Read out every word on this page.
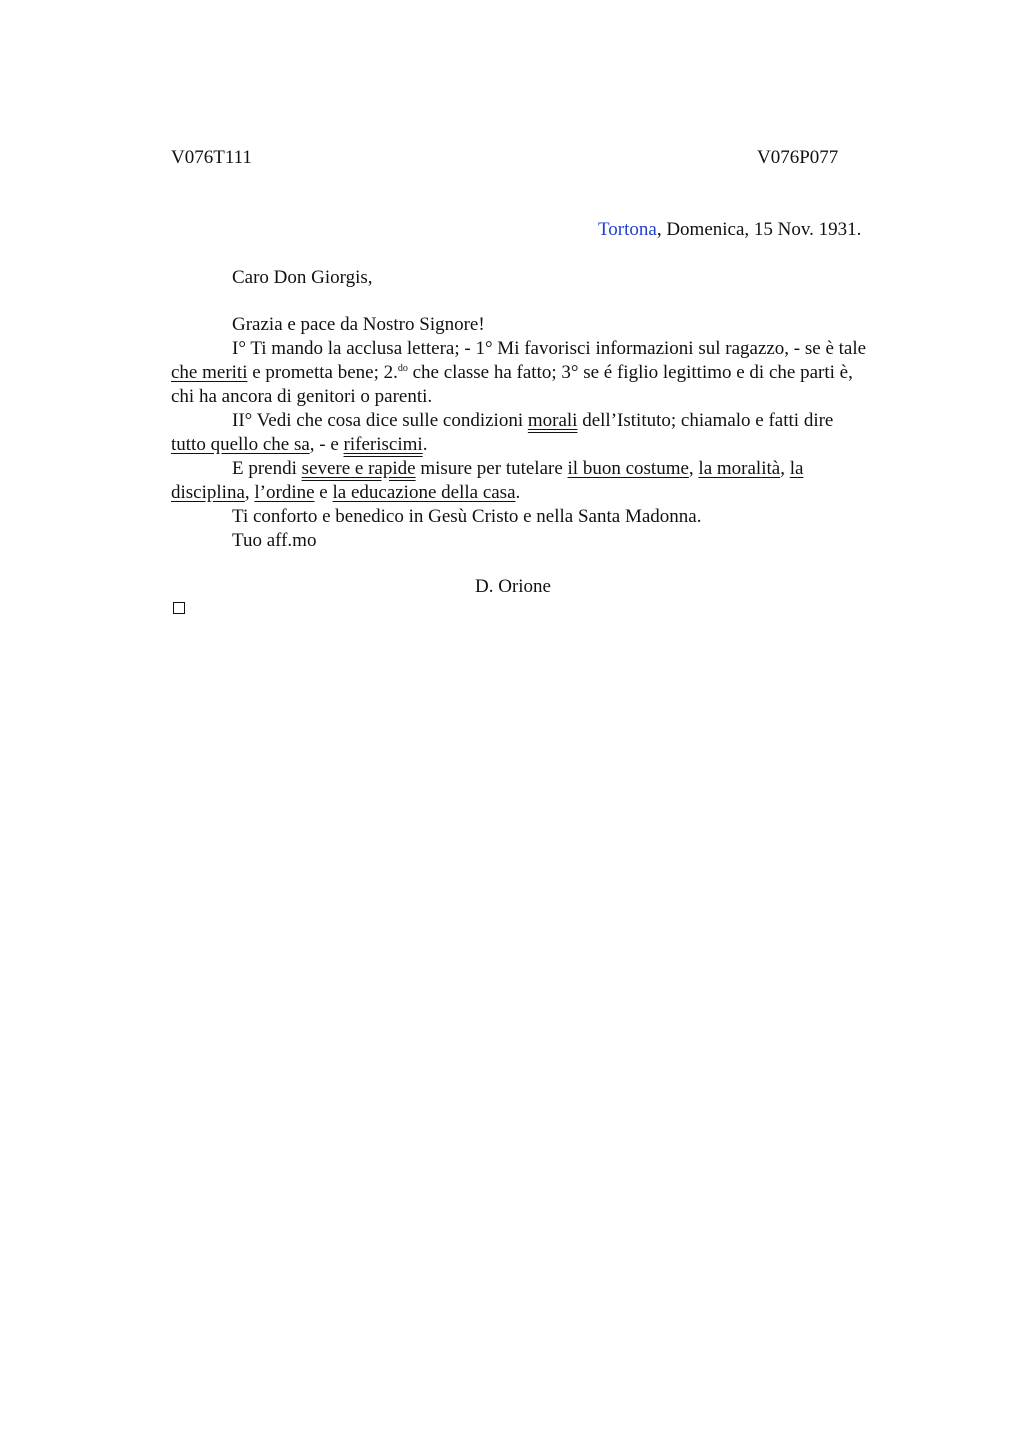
V076T111	V076P077
Tortona, Domenica, 15 Nov. 1931.
Caro Don Giorgis,
Grazia e pace da Nostro Signore!
I° Ti mando la acclusa lettera; - 1° Mi favorisci informazioni sul ragazzo, - se è tale
che meriti e prometta bene; 2.$^{do}$ che classe ha fatto; 3° se é figlio legittimo e di che parti è,
chi ha ancora di genitori o parenti.
II° Vedi che cosa dice sulle condizioni morali dell’Istituto; chiamalo e fatti dire
tutto quello che sa, - e riferiscimi.
E prendi severe e rapide misure per tutelare il buon costume, la moralità, la
disciplina, l’ordine e la educazione della casa.
Ti conforto e benedico in Gesù Cristo e nella Santa Madonna.
Tuo aff.mo
D. Orione
